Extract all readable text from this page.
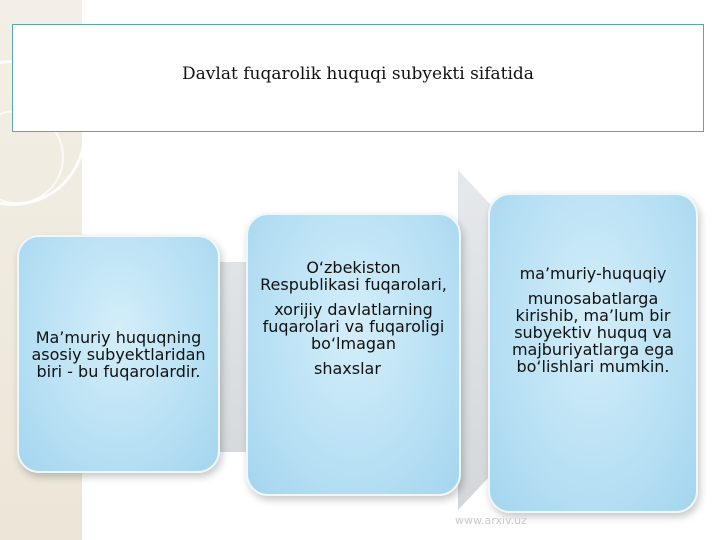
Davlat fuqarolik huquqi subyekti sifatida

Ma’muriy huquqning asosiy subyektlaridan biri - bu fuqarolardir.

O‘zbekiston Respublikasi fuqarolari,

xorijiy davlatlarning fuqarolari va fuqaroligi bo‘lmagan

shaxslar

ma’muriy-huquqiy

munosabatlarga kirishib, ma’lum bir subyektiv huquq va majburiyatlarga ega bo‘lishlari mumkin.

www.arxiv.uz
